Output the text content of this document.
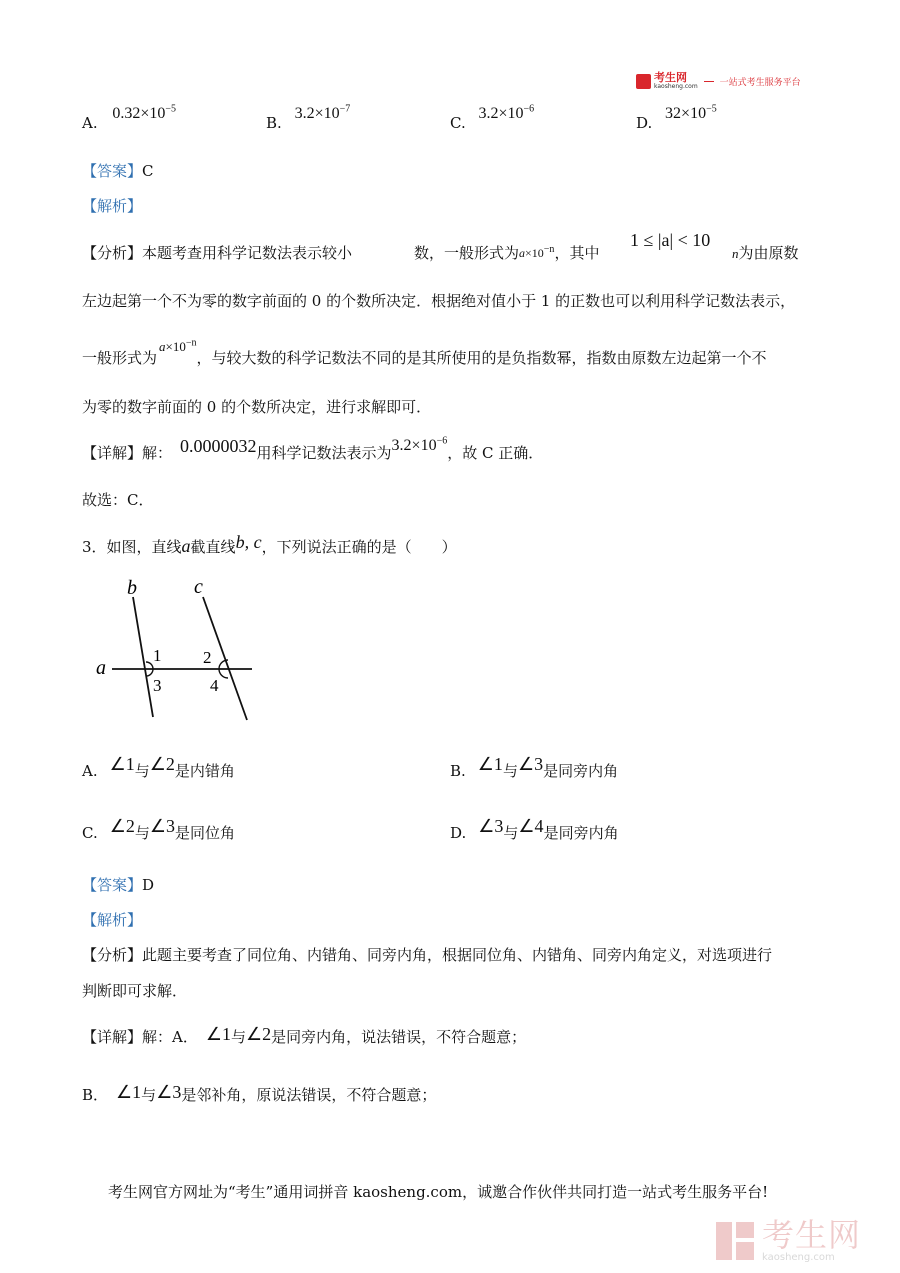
考生网
kaosheng.com 一站式考生服务平台
A. $0.32\times 10^{-5}$
B. $3.2\times 10^{-7}$
C. $3.2\times 10^{-6}$
D. $32\times 10^{-5}$
【答案】C
【解析】
【分析】本题考查用科学记数法表示较小	数，一般形式为$a\times 10^{-n}$，其中
1 ≤ |a| < 10
n为由原数
左边起第一个不为零的数字前面的 0 的个数所决定．根据绝对值小于 1 的正数也可以利用科学记数法表示，
一般形式为$a\times 10^{-n}$，与较大数的科学记数法不同的是其所使用的是负指数幂，指数由原数左边起第一个不
为零的数字前面的 0 的个数所决定，进行求解即可．
【详解】解： 0.0000032用科学记数法表示为$3.2\times 10^{-6}$，故 C 正确．
故选：C．
3．如图，直线a截直线b, c，下列说法正确的是（　　）
b	c
a
1
3
2
4
A. ∠1与∠2是内错角	B. ∠1与∠3是同旁内角
C. ∠2与∠3是同位角	D. ∠3与∠4是同旁内角
【答案】D
【解析】
【分析】此题主要考查了同位角、内错角、同旁内角，根据同位角、内错角、同旁内角定义，对选项进行
判断即可求解．
【详解】解：A． ∠1与∠2是同旁内角，说法错误，不符合题意；
B． ∠1与∠3是邻补角，原说法错误，不符合题意；
考生网官方网址为“考生”通用词拼音 kaosheng.com，诚邀合作伙伴共同打造一站式考生服务平台!
考生网
kaosheng.com
